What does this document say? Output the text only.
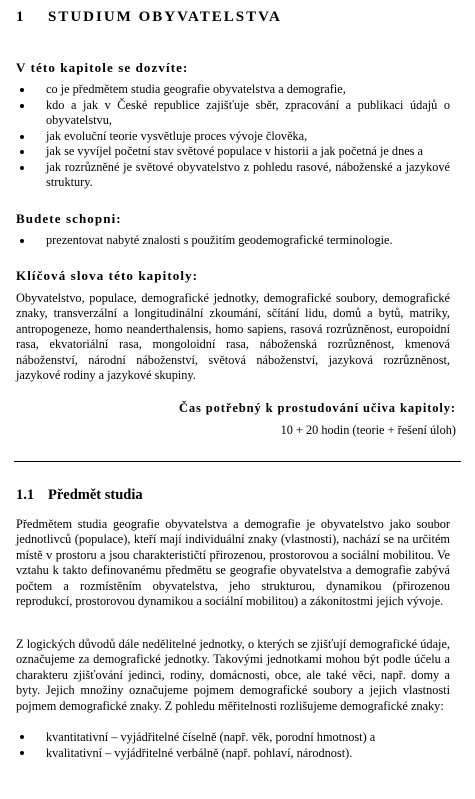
1 STUDIUM OBYVATELSTVA
V této kapitole se dozvíte:
co je předmětem studia geografie obyvatelstva a demografie,
kdo a jak v České republice zajišťuje sběr, zpracování a publikaci údajů o obyvatelstvu,
jak evoluční teorie vysvětluje proces vývoje člověka,
jak se vyvíjel početní stav světové populace v historii a jak početná je dnes a
jak rozrůzněné je světové obyvatelstvo z pohledu rasové, náboženské a jazykové struktury.
Budete schopni:
prezentovat nabyté znalosti s použitím geodemografické terminologie.
Klíčová slova této kapitoly:
Obyvatelstvo, populace, demografické jednotky, demografické soubory, demografické znaky, transverzální a longitudinální zkoumání, sčítání lidu, domů a bytů, matriky, antropogeneze, homo neanderthalensis, homo sapiens, rasová rozrůzněnost, europoidní rasa, ekvatoriální rasa, mongoloidní rasa, náboženská rozrůzněnost, kmenová náboženství, národní náboženství, světová náboženství, jazyková rozrůzněnost, jazykové rodiny a jazykové skupiny.
Čas potřebný k prostudování učiva kapitoly:
10 + 20 hodin (teorie + řešení úloh)
1.1 Předmět studia
Předmětem studia geografie obyvatelstva a demografie je obyvatelstvo jako soubor jednotlivců (populace), kteří mají individuální znaky (vlastnosti), nachází se na určitém místě v prostoru a jsou charakterističtí přirozenou, prostorovou a sociální mobilitou. Ve vztahu k takto definovanému předmětu se geografie obyvatelstva a demografie zabývá počtem a rozmístěním obyvatelstva, jeho strukturou, dynamikou (přirozenou reprodukcí, prostorovou dynamikou a sociální mobilitou) a zákonitostmi jejich vývoje.
Z logických důvodů dále nedělitelné jednotky, o kterých se zjišťují demografické údaje, označujeme za demografické jednotky. Takovými jednotkami mohou být podle účelu a charakteru zjišťování jedinci, rodiny, domácnosti, obce, ale také věci, např. domy a byty. Jejich množiny označujeme pojmem demografické soubory a jejich vlastnosti pojmem demografické znaky. Z pohledu měřitelnosti rozlišujeme demografické znaky:
kvantitativní – vyjádřitelné číselně (např. věk, porodní hmotnost) a
kvalitativní – vyjádřitelné verbálně (např. pohlaví, národnost).
